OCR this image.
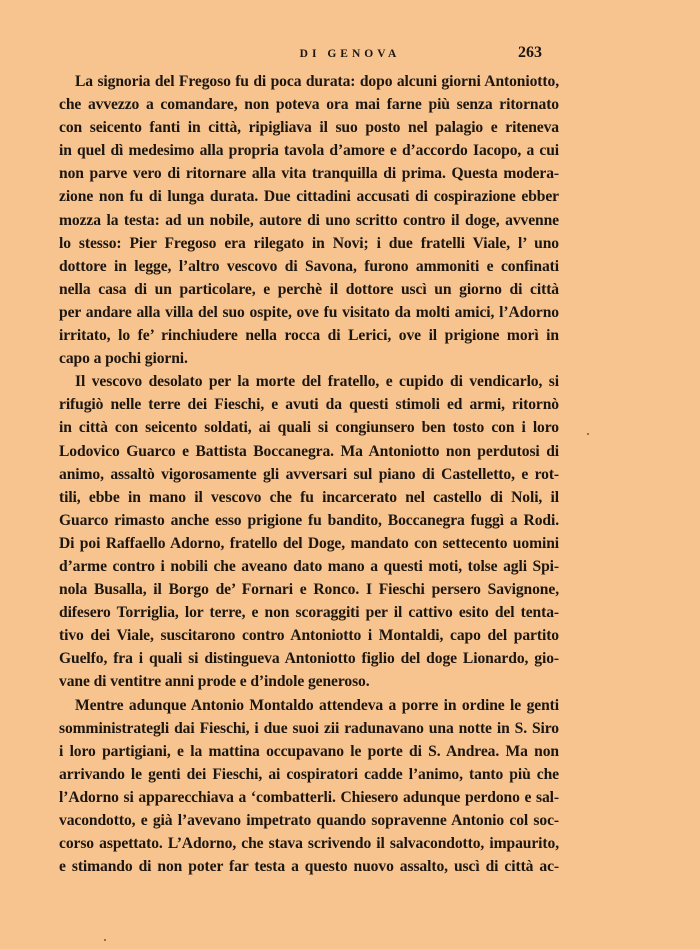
DI GENOVA	263
La signoria del Fregoso fu di poca durata: dopo alcuni giorni Antoniotto,
che avvezzo a comandare, non poteva ora mai farne più senza ritornato
con seicento fanti in città, ripigliava il suo posto nel palagio e riteneva
in quel dì medesimo alla propria tavola d’amore e d’accordo Iacopo, a cui
non parve vero di ritornare alla vita tranquilla di prima. Questa modera-
zione non fu di lunga durata. Due cittadini accusati di cospirazione ebber
mozza la testa: ad un nobile, autore di uno scritto contro il doge, avvenne
lo stesso: Pier Fregoso era rilegato in Novi; i due fratelli Viale, l’ uno
dottore in legge, l’altro vescovo di Savona, furono ammoniti e confinati
nella casa di un particolare, e perchè il dottore uscì un giorno di città
per andare alla villa del suo ospite, ove fu visitato da molti amici, l’Adorno
irritato, lo fe’ rinchiudere nella rocca di Lerici, ove il prigione morì in
capo a pochi giorni.
Il vescovo desolato per la morte del fratello, e cupido di vendicarlo, si
rifugiò nelle terre dei Fieschi, e avuti da questi stimoli ed armi, ritornò
in città con seicento soldati, ai quali si congiunsero ben tosto con i loro
Lodovico Guarco e Battista Boccanegra. Ma Antoniotto non perdutosi di
animo, assaltò vigorosamente gli avversari sul piano di Castelletto, e rot-
tili, ebbe in mano il vescovo che fu incarcerato nel castello di Noli, il
Guarco rimasto anche esso prigione fu bandito, Boccanegra fuggì a Rodi.
Di poi Raffaello Adorno, fratello del Doge, mandato con settecento uomini
d’arme contro i nobili che aveano dato mano a questi moti, tolse agli Spi-
nola Busalla, il Borgo de’ Fornari e Ronco. I Fieschi persero Savignone,
difesero Torriglia, lor terre, e non scoraggiti per il cattivo esito del tenta-
tivo dei Viale, suscitarono contro Antoniotto i Montaldi, capo del partito
Guelfo, fra i quali si distingueva Antoniotto figlio del doge Lionardo, gio-
vane di ventitre anni prode e d’indole generoso.
Mentre adunque Antonio Montaldo attendeva a porre in ordine le genti
somministrategli dai Fieschi, i due suoi zii radunavano una notte in S. Siro
i loro partigiani, e la mattina occupavano le porte di S. Andrea. Ma non
arrivando le genti dei Fieschi, ai cospiratori cadde l’animo, tanto più che
l’Adorno si apparecchiava a ‘combatterli. Chiesero adunque perdono e sal-
vacondotto, e già l’avevano impetrato quando sopravenne Antonio col soc-
corso aspettato. L’Adorno, che stava scrivendo il salvacondotto, impaurito,
e stimando di non poter far testa a questo nuovo assalto, uscì di città ac-
